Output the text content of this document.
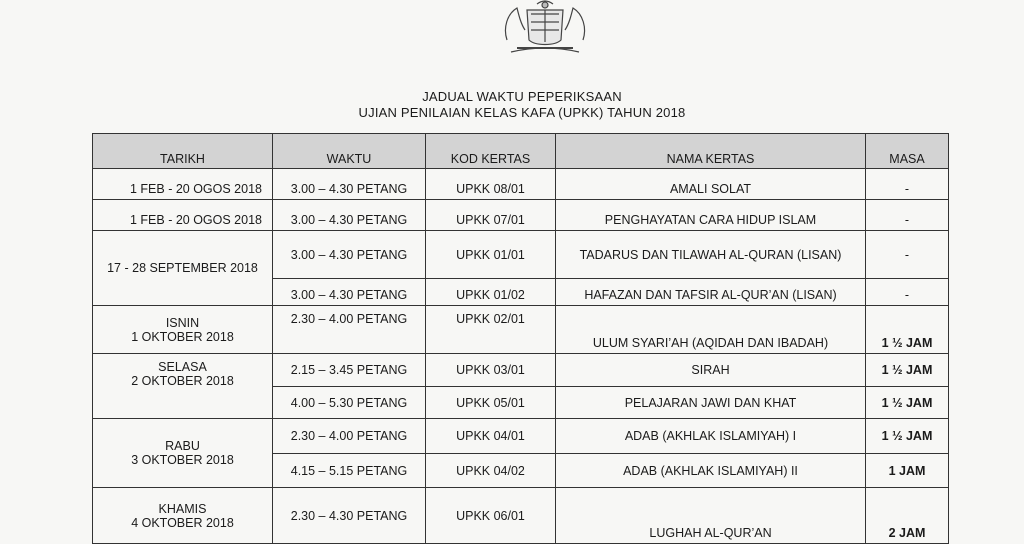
JADUAL WAKTU PEPERIKSAAN
UJIAN PENILAIAN KELAS KAFA (UPKK) TAHUN 2018
TARIKH	WAKTU	KOD KERTAS	NAMA KERTAS	MASA
1 FEB - 20 OGOS 2018	3.00 – 4.30 PETANG	UPKK 08/01	AMALI SOLAT	-
1 FEB - 20 OGOS 2018	3.00 – 4.30 PETANG	UPKK 07/01	PENGHAYATAN CARA HIDUP ISLAM	-
17 - 28 SEPTEMBER 2018	3.00 – 4.30 PETANG	UPKK 01/01	TADARUS DAN TILAWAH AL-QURAN (LISAN)	-
	3.00 – 4.30 PETANG	UPKK 01/02	HAFAZAN DAN TAFSIR AL-QUR’AN (LISAN)	-

ISNIN
1 OKTOBER 2018	2.30 – 4.00 PETANG	UPKK 02/01	ULUM SYARI’AH (AQIDAH DAN IBADAH)	1 ½ JAM

SELASA
2 OKTOBER 2018	2.15 – 3.45 PETANG	UPKK 03/01	SIRAH	1 ½ JAM
	4.00 – 5.30 PETANG	UPKK 05/01	PELAJARAN JAWI DAN KHAT	1 ½ JAM

RABU
3 OKTOBER 2018	2.30 – 4.00 PETANG	UPKK 04/01	ADAB (AKHLAK ISLAMIYAH) I	1 ½ JAM
	4.15 – 5.15 PETANG	UPKK 04/02	ADAB (AKHLAK ISLAMIYAH) II	1 JAM

KHAMIS
4 OKTOBER 2018	2.30 – 4.30 PETANG	UPKK 06/01	LUGHAH AL-QUR’AN	2 JAM
